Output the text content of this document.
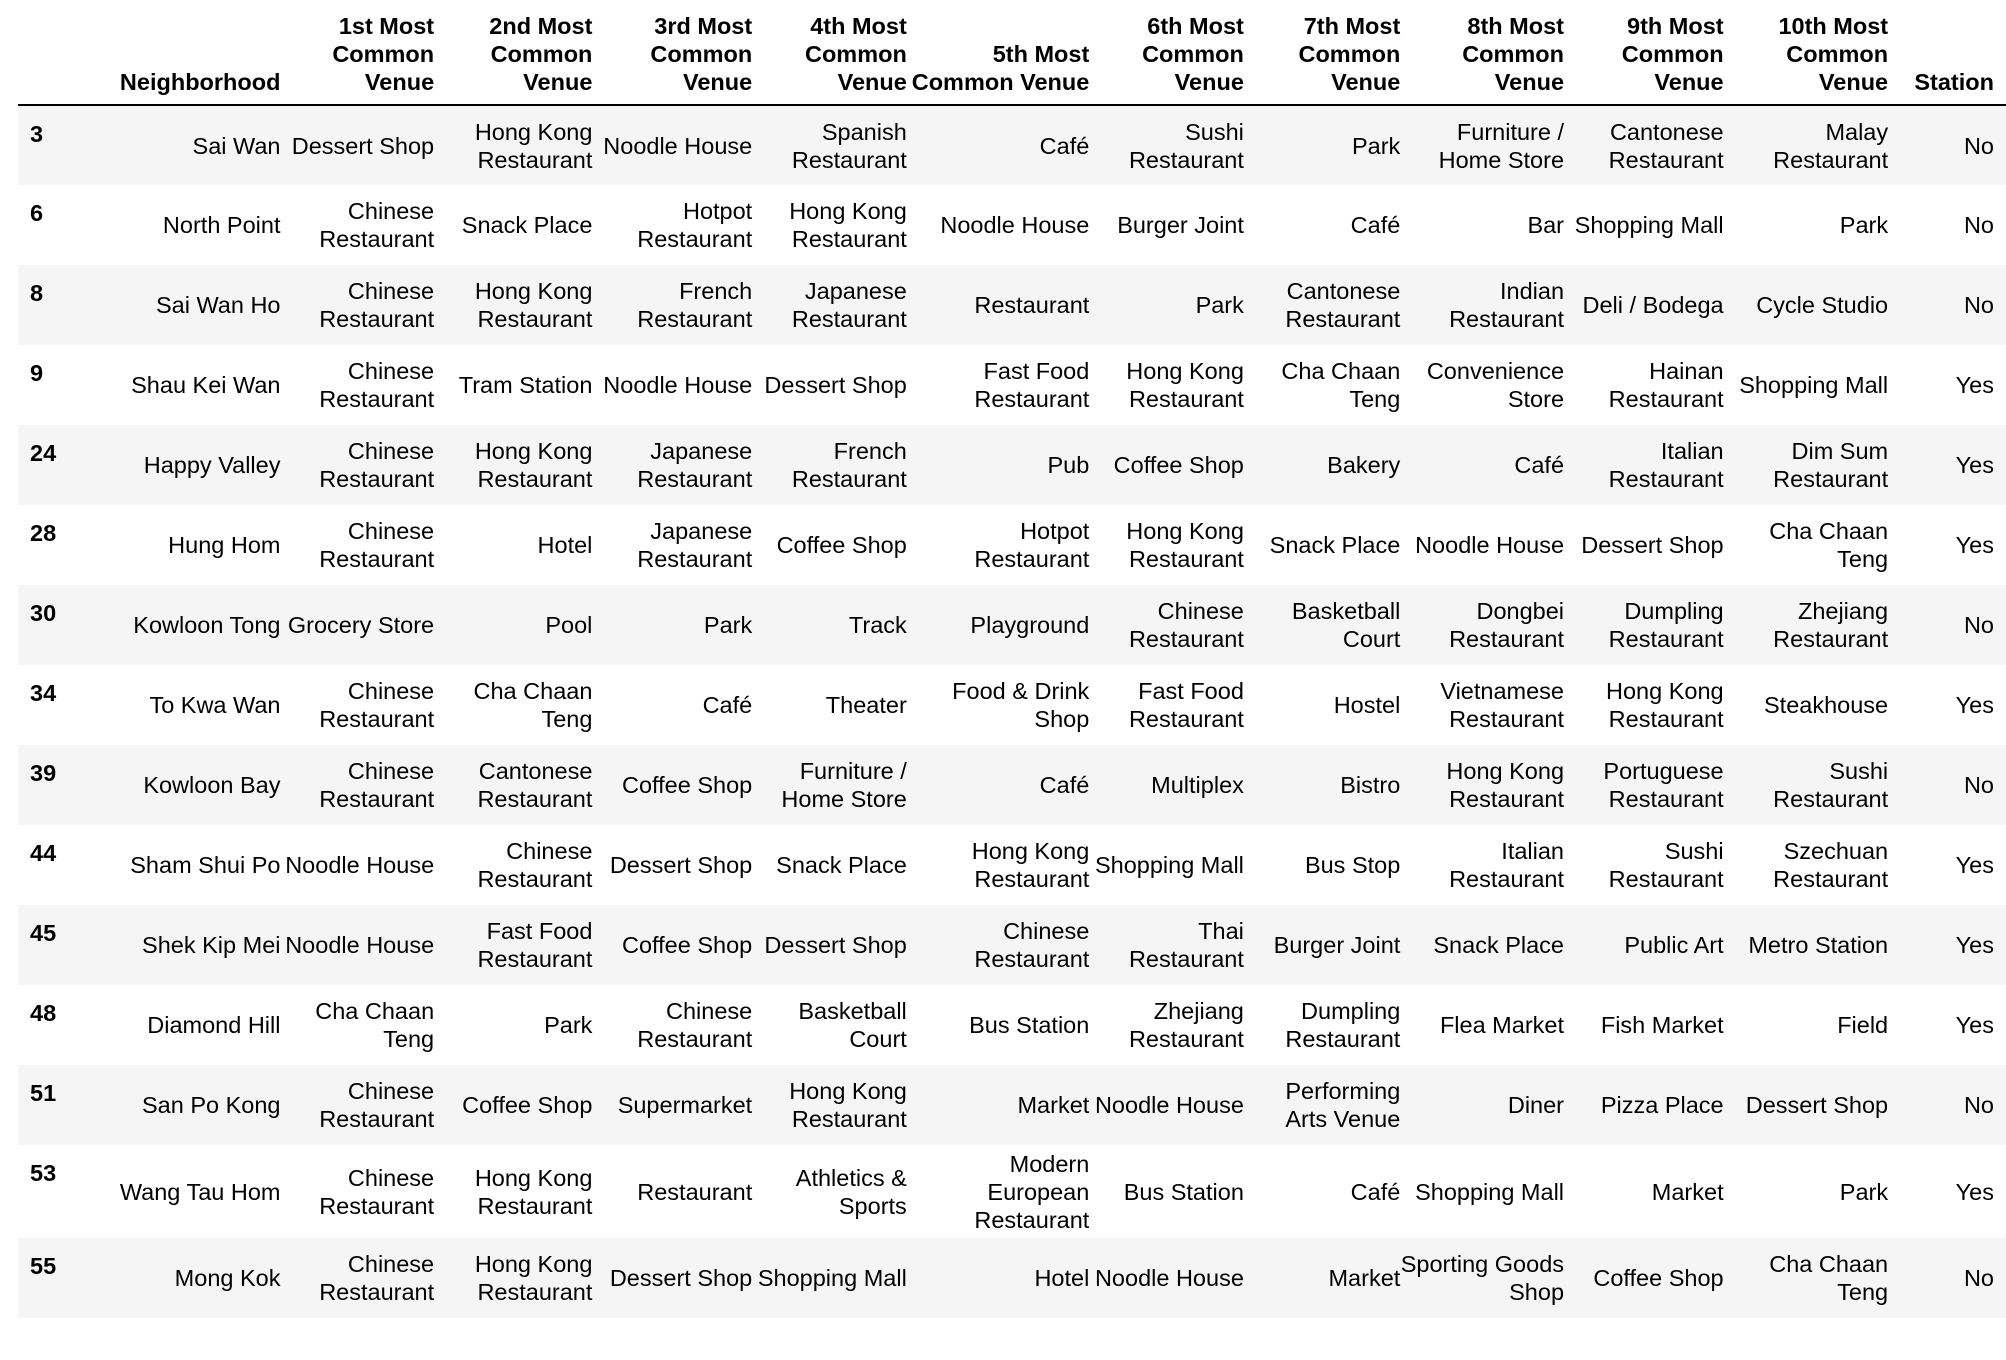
	Neighborhood	1st Most Common Venue	2nd Most Common Venue	3rd Most Common Venue	4th Most Common Venue	5th Most Common Venue	6th Most Common Venue	7th Most Common Venue	8th Most Common Venue	9th Most Common Venue	10th Most Common Venue	Station
3	Sai Wan	Dessert Shop	Hong Kong Restaurant	Noodle House	Spanish Restaurant	Café	Sushi Restaurant	Park	Furniture / Home Store	Cantonese Restaurant	Malay Restaurant	No
6	North Point	Chinese Restaurant	Snack Place	Hotpot Restaurant	Hong Kong Restaurant	Noodle House	Burger Joint	Café	Bar	Shopping Mall	Park	No
8	Sai Wan Ho	Chinese Restaurant	Hong Kong Restaurant	French Restaurant	Japanese Restaurant	Restaurant	Park	Cantonese Restaurant	Indian Restaurant	Deli / Bodega	Cycle Studio	No
9	Shau Kei Wan	Chinese Restaurant	Tram Station	Noodle House	Dessert Shop	Fast Food Restaurant	Hong Kong Restaurant	Cha Chaan Teng	Convenience Store	Hainan Restaurant	Shopping Mall	Yes
24	Happy Valley	Chinese Restaurant	Hong Kong Restaurant	Japanese Restaurant	French Restaurant	Pub	Coffee Shop	Bakery	Café	Italian Restaurant	Dim Sum Restaurant	Yes
28	Hung Hom	Chinese Restaurant	Hotel	Japanese Restaurant	Coffee Shop	Hotpot Restaurant	Hong Kong Restaurant	Snack Place	Noodle House	Dessert Shop	Cha Chaan Teng	Yes
30	Kowloon Tong	Grocery Store	Pool	Park	Track	Playground	Chinese Restaurant	Basketball Court	Dongbei Restaurant	Dumpling Restaurant	Zhejiang Restaurant	No
34	To Kwa Wan	Chinese Restaurant	Cha Chaan Teng	Café	Theater	Food & Drink Shop	Fast Food Restaurant	Hostel	Vietnamese Restaurant	Hong Kong Restaurant	Steakhouse	Yes
39	Kowloon Bay	Chinese Restaurant	Cantonese Restaurant	Coffee Shop	Furniture / Home Store	Café	Multiplex	Bistro	Hong Kong Restaurant	Portuguese Restaurant	Sushi Restaurant	No
44	Sham Shui Po	Noodle House	Chinese Restaurant	Dessert Shop	Snack Place	Hong Kong Restaurant	Shopping Mall	Bus Stop	Italian Restaurant	Sushi Restaurant	Szechuan Restaurant	Yes
45	Shek Kip Mei	Noodle House	Fast Food Restaurant	Coffee Shop	Dessert Shop	Chinese Restaurant	Thai Restaurant	Burger Joint	Snack Place	Public Art	Metro Station	Yes
48	Diamond Hill	Cha Chaan Teng	Park	Chinese Restaurant	Basketball Court	Bus Station	Zhejiang Restaurant	Dumpling Restaurant	Flea Market	Fish Market	Field	Yes
51	San Po Kong	Chinese Restaurant	Coffee Shop	Supermarket	Hong Kong Restaurant	Market	Noodle House	Performing Arts Venue	Diner	Pizza Place	Dessert Shop	No
53	Wang Tau Hom	Chinese Restaurant	Hong Kong Restaurant	Restaurant	Athletics & Sports	Modern European Restaurant	Bus Station	Café	Shopping Mall	Market	Park	Yes
55	Mong Kok	Chinese Restaurant	Hong Kong Restaurant	Dessert Shop	Shopping Mall	Hotel	Noodle House	Market	Sporting Goods Shop	Coffee Shop	Cha Chaan Teng	No
